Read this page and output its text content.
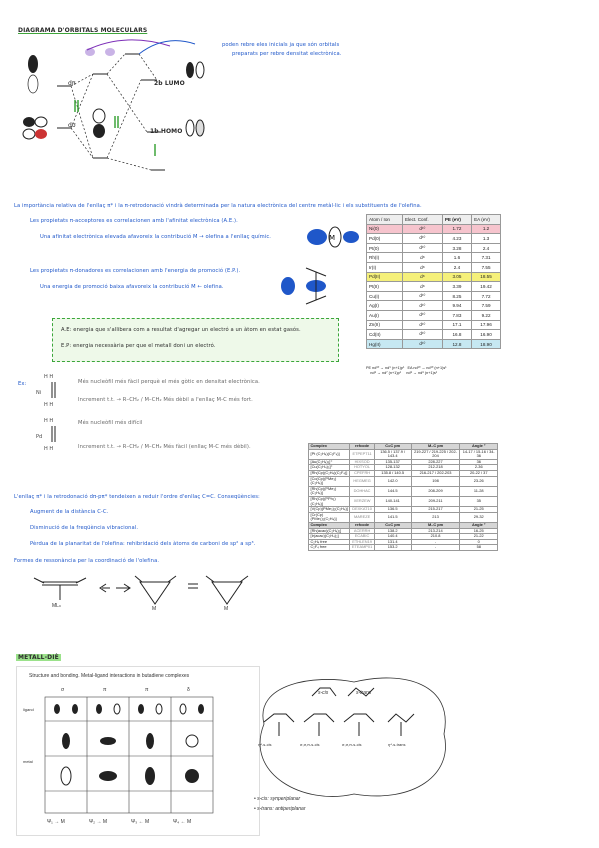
DIAGRAMA D'ORBITALS MOLECULARS
dπ
dσ
2b LUMO
1b HOMO
poden rebre eles inicials ja que són orbitals
preparats per rebre densitat electrònica.
La importància relativa de l'enllaç π* i la π-retrodonació vindrà determinada per la natura electrònica del centre metàl·lic i els substituents de l'olefina.
Les propietats π-acceptores es correlacionen amb l'afinitat electrònica (A.E.).
Una afinitat electrònica elevada afavoreix la contribució M → olefina a l'enllaç químic.	M
Les propietats π-donadores es correlacionen amb l'energia de promoció (E.P.).
Una energia de promoció baixa afavoreix la contribució M ← olefina.
A.E: energia que s'allibera com a resultat d'agregar un electró a un àtom en estat gasós.
E.P: energia necessària per que el metall doni un electró.
Atom / Ion	Elect. Conf.	PE (eV)	EA (eV)
Ni(0)	d¹⁰	1.72	1.2
Pd(0)	d¹⁰	4.23	1.3
Pt(0)	d¹⁰	3.28	2.4
Rh(I)	d⁸	1.6	7.31
Ir(I)	d⁸	2.4	7.55
Pd(II)	d⁸	3.05	18.55
Pt(II)	d⁸	3.39	19.42
Cu(I)	d¹⁰	8.25	7.72
Ag(I)	d¹⁰	9.94	7.59
Au(I)	d¹⁰	7.83	9.22
Zn(II)	d¹⁰	17.1	17.96
Cd(II)	d¹⁰	16.8	16.90
Hg(II)	d¹⁰	12.8	18.90
PE nd¹⁰ → nd⁹ (n+1)p¹ EA nd¹⁰ → nd¹⁰ (n+1)s¹
nd⁸ → nd⁷ (n+1)p¹ nd⁸ → nd⁸ (n+1)s¹
Ex:
H H
Ni
H H
Més nucleòfil més fàcil perquè el més gòtic en densitat electrònica.
Increment t.t. → R–CH₂ / M–CH₂ Més dèbil a l'enllaç M-C més fort.
H H
Pd
H H
Més nucleòfil més difícil
Increment t.t. → R–CH₂ / M–CH₂ Més fàcil (enllaç M-C més dèbil).
L'enllaç π* i la retrodonació dπ-pπ* tendeixen a reduir l'ordre d'enllaç C=C. Conseqüències:
Augment de la distància C-C.
Disminució de la freqüència vibracional.
Pèrdua de la planaritat de l'olefina: rehibridació dels àtoms de carboni de sp² a sp³.
Formes de ressonància per la coordinació de l'olefina.
MLₙ	M	M
Complex	refcode	C=C pm	M–C pm	Angle °
[Pt (C₂H₄)(C₂F₄)]	ETPEPT11	136.5 / 137.9 / 143.4	219-227 / 219-225 / 202-204	14-17 / 15-16 / 34-36
[Au(C₂H₄)₃]⁺	HIXSOD	135-137	228-227	36
[Cu(C₂H₄)₃]⁺	HOTYOL	128-132	212-218	2-36
[Rh(Cp)(C₂H₄)(C₂F₄)]	CPEFRH	135.8 / 140.5	216-217 / 202-203	20-22 / 37
[Co(Cp)(PMe₃)(C₂H₄)]	HEGMEG	142.0	198	23-26
[Rh(Cp)(PMe₃)(C₂H₄)]	DOHHAC	144.5	208-209	11-28
[Rh(Cp)(PPh₃)(C₂H₄)]	XERZEW	140-141	209-211	35
[V(Cp)(PMe₃)₂(C₂H₄)]	DEXKAT10	136.5	215-217	21-25
[Cr(Cp)(PMe₃)₂(C₂H₄)]	MAREZE	141.5	213	29-32
Complex	refcode	C=C pm	M–C pm	Angle °
[Rh(acac)(C₂H₄)₂]	ACERRH	138.2	213-214	16-25
[Ir(acac)(C₂H₄)₂]	ECABIC	140.4	210.8	21-22
C₂H₄ free	ETHLEN19	131.4	-	0
C₂F₄ free	ETEAMP01	153.2	-	58
METALL-DIÈ
Structure and bonding. Metal-ligand interactions in butadiene complexes
σ	π	π	δ
ligand
metal
Ψ₁ → M	Ψ₂ → M	Ψ₃ ← M	Ψ₄ ← M
s-cis	s-trans
η⁴-s-cis	σ,σ,π-s-cis	σ,σ,π-s-cis	η⁴-s-trans
• s-cis: synperiplanar
• s-trans: antiperiplanar
